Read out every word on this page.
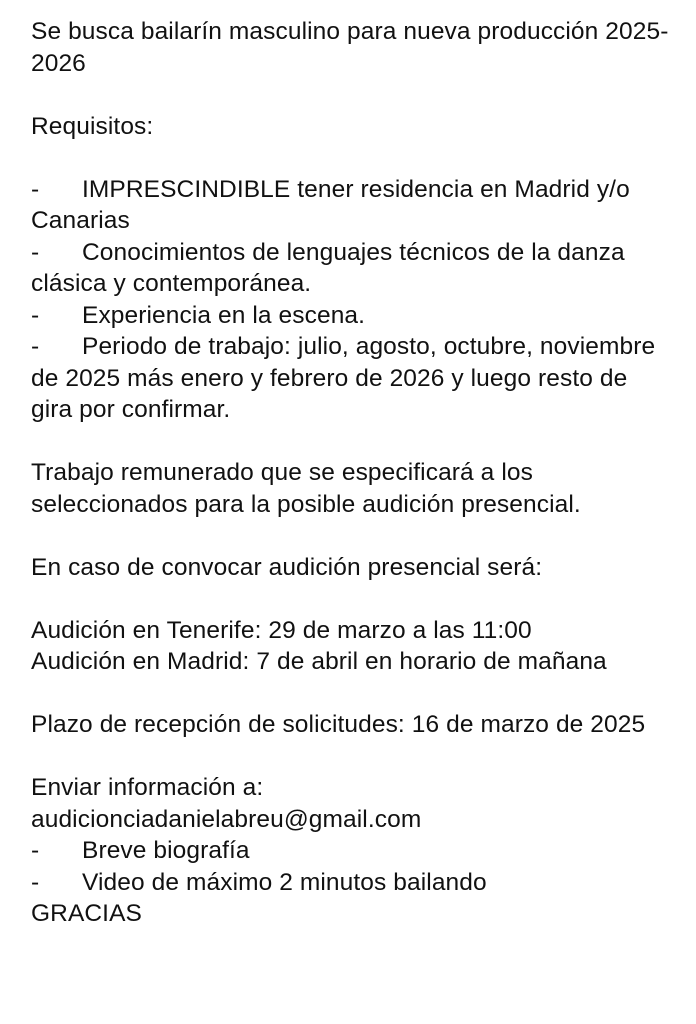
Se busca bailarín masculino para nueva producción 2025-2026

Requisitos:

- IMPRESCINDIBLE tener residencia en Madrid y/o Canarias

- Conocimientos de lenguajes técnicos de la danza clásica y contemporánea.

- Experiencia en la escena.

- Periodo de trabajo: julio, agosto, octubre, noviembre de 2025 más enero y febrero de 2026 y luego resto de gira por confirmar.

Trabajo remunerado que se especificará a los seleccionados para la posible audición presencial.

En caso de convocar audición presencial será:

Audición en Tenerife: 29 de marzo a las 11:00

Audición en Madrid: 7 de abril en horario de mañana

Plazo de recepción de solicitudes: 16 de marzo de 2025

Enviar información a:

audicionciadanielabreu@gmail.com

- Breve biografía

- Video de máximo 2 minutos bailando

GRACIAS
